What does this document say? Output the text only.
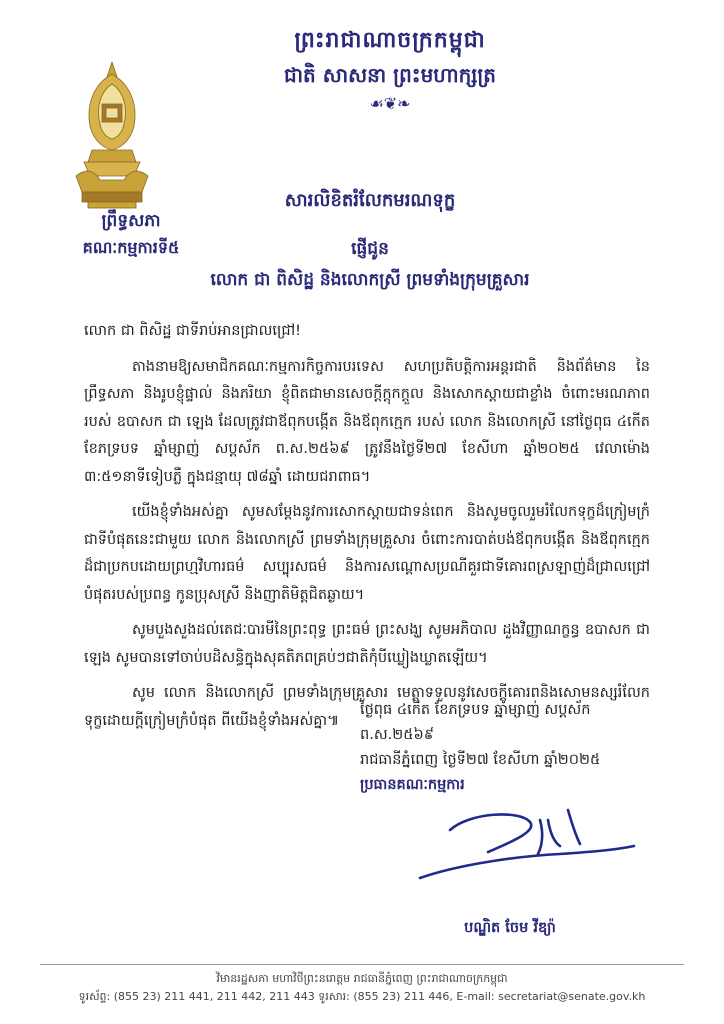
ព្រះរាជាណាចក្រកម្ពុជា
ជាតិ សាសនា ព្រះមហាក្សត្រ
☙❦❧
ព្រឹទ្ធសភា
គណៈកម្មការទី៥
សារលិខិតរំលែកមរណទុក្ខ
ផ្ញើជូន
លោក ជា ពិសិដ្ឋ និងលោកស្រី ព្រមទាំងក្រុមគ្រួសារ

លោក ជា ពិសិដ្ឋ ជាទីរាប់អានជ្រាលជ្រៅ!

តាងនាមឱ្យសមាជិកគណៈកម្មការកិច្ចការបរទេស សហប្រតិបត្តិការអន្តរជាតិ និងព័ត៌មាន នៃព្រឹទ្ធសភា និងរូបខ្ញុំផ្ទាល់ និងភរិយា ខ្ញុំពិតជាមានសេចក្តីក្តុកក្តួល និងសោកស្តាយជាខ្លាំង ចំពោះមរណភាពរបស់ ឧបាសក ជា ឡេង ដែលត្រូវជាឪពុកបង្កើត និងឪពុកក្មេក របស់ លោក និងលោកស្រី នៅថ្ងៃពុធ ៤កើត ខែភទ្របទ ឆ្នាំម្សាញ់ សប្តស័ក ព.ស.២៥៦៩ ត្រូវនឹងថ្ងៃទី២៧ ខែសីហា ឆ្នាំ២០២៥ វេលាម៉ោង ៣:៥១នាទីទៀបភ្លឺ ក្នុងជន្មាយុ ៧៨ឆ្នាំ ដោយជរាពាធ។

យើងខ្ញុំទាំងអស់គ្នា សូមសម្តែងនូវការសោកស្តាយជាទន់ពេក និងសូមចូលរួមរំលែកទុក្ខដ៏ក្រៀមក្រំជាទីបំផុតនេះជាមួយ លោក និងលោកស្រី ព្រមទាំងក្រុមគ្រួសារ ចំពោះការបាត់បង់ឪពុកបង្កើត និងឪពុកក្មេក ដ៏ជាប្រកបដោយព្រហ្មវិហារធម៌ សប្បុរសធម៌ និងការសណ្តោសប្រណីគួរជាទីគោរពស្រឡាញ់ដ៏ជ្រាលជ្រៅបំផុតរបស់ប្រពន្ធ កូនប្រុសស្រី និងញាតិមិត្តជិតឆ្ងាយ។

សូមបួងសួងដល់តេជៈបារមីនៃព្រះពុទ្ធ ព្រះធម៌ ព្រះសង្ឃ សូមអភិបាល ដួងវិញ្ញាណក្ខន្ធ ឧបាសក ជា ឡេង សូមបានទៅចាប់បដិសន្ធិក្នុងសុគតិភពគ្រប់ៗជាតិកុំបីឃ្លៀងឃ្លាតឡើយ។

សូម លោក និងលោកស្រី ព្រមទាំងក្រុមគ្រួសារ មេត្តាទទួលនូវសេចក្តីគោរពនិងសោមនស្សរំលែកទុក្ខដោយក្តីក្រៀមក្រំបំផុត ពីយើងខ្ញុំទាំងអស់គ្នា៕

ថ្ងៃពុធ ៤កើត ខែភទ្របទ ឆ្នាំម្សាញ់ សប្តស័ក ព.ស.២៥៦៩
រាជធានីភ្នំពេញ ថ្ងៃទី២៧ ខែសីហា ឆ្នាំ២០២៥
ប្រធានគណៈកម្មការ
បណ្ឌិត ចែម វីឌ្យ៉ា
វិមានរដ្ឋសភា មហាវិថីព្រះនរោត្តម រាជធានីភ្នំពេញ ព្រះរាជាណាចក្រកម្ពុជា
ទូរស័ព្ទ: (855 23) 211 441, 211 442, 211 443 ទូរសារ: (855 23) 211 446, E-mail: secretariat@senate.gov.kh
